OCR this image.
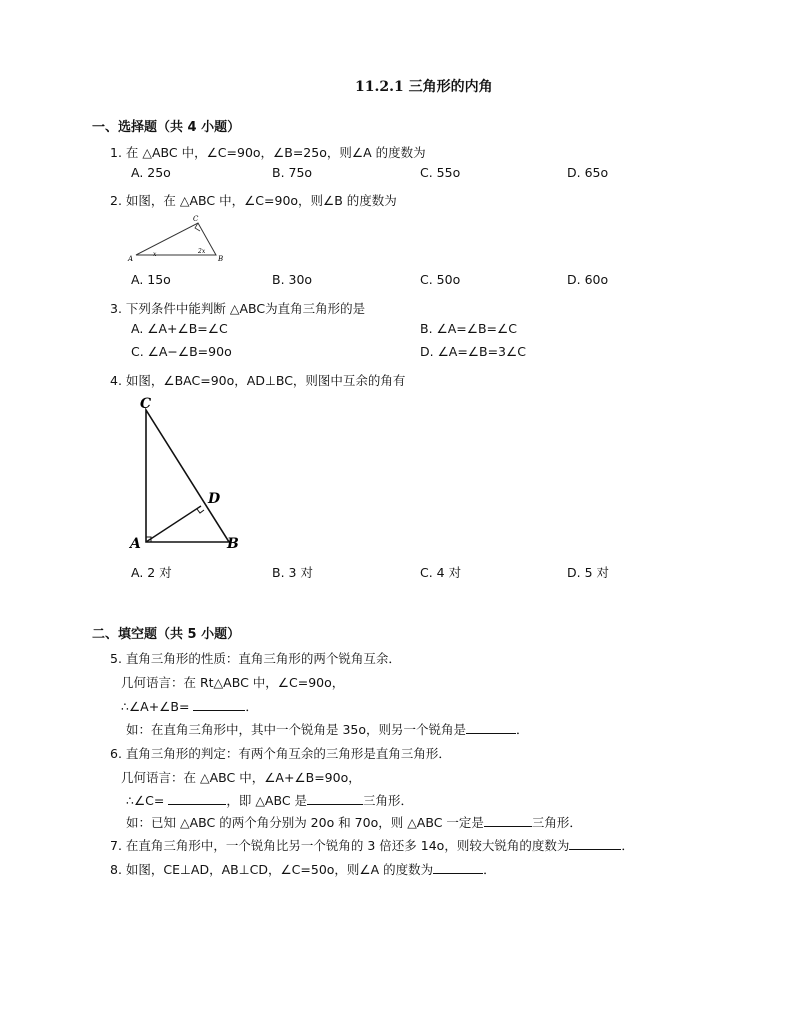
11.2.1 三角形的内角
一、选择题（共 4 小题）
1. 在 △ABC 中，∠C=90o，∠B=25o，则∠A 的度数为
A. 25o	B. 75o	C. 55o	D. 65o
2. 如图，在 △ABC 中，∠C=90o，则∠B 的度数为
A	B
C
x	2x
A. 15o	B. 30o	C. 50o	D. 60o
3. 下列条件中能判断 △ABC为直角三角形的是
A. ∠A+∠B=∠C	B. ∠A=∠B=∠C
C. ∠A−∠B=90o	D. ∠A=∠B=3∠C
4. 如图，∠BAC=90o，AD⊥BC，则图中互余的角有
C
A	B
D
A. 2 对	B. 3 对	C. 4 对	D. 5 对
二、填空题（共 5 小题）
5. 直角三角形的性质：直角三角形的两个锐角互余．
几何语言：在 Rt△ABC 中，∠C=90o，
∴∠A+∠B=	．
如：在直角三角形中，其中一个锐角是 35o，则另一个锐角是	．
6. 直角三角形的判定：有两个角互余的三角形是直角三角形．
几何语言：在 △ABC 中，∠A+∠B=90o，
∴∠C=	，即 △ABC 是	三角形．
如：已知 △ABC 的两个角分别为 20o 和 70o，则 △ABC 一定是	三角形．
7. 在直角三角形中，一个锐角比另一个锐角的 3 倍还多 14o，则较大锐角的度数为	．
8. 如图，CE⊥AD，AB⊥CD，∠C=50o，则∠A 的度数为	．
